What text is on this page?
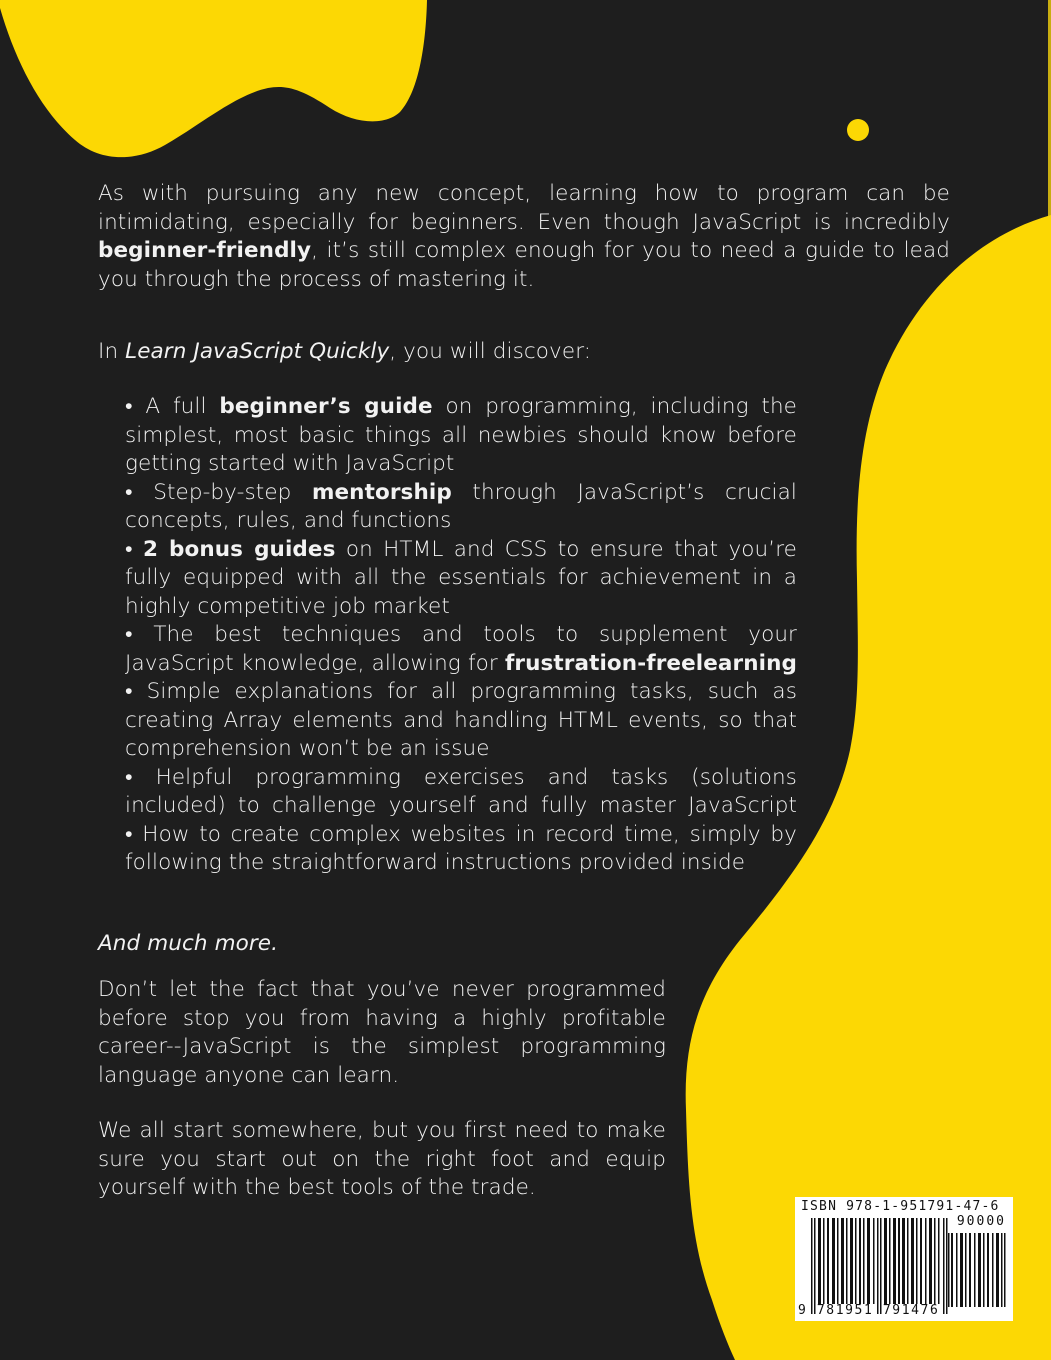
As with pursuing any new concept, learning how to program can be intimidating, especially for beginners. Even though JavaScript is incredibly beginner-friendly, it’s still complex enough for you to need a guide to lead you through the process of mastering it.

In Learn JavaScript Quickly, you will discover:

• A full beginner’s guide on programming, including the simplest, most basic things all newbies should know before getting started with JavaScript

• Step-by-step mentorship through JavaScript’s crucial concepts, rules, and functions

• 2 bonus guides on HTML and CSS to ensure that you’re fully equipped with all the essentials for achievement in a highly competitive job market

• The best techniques and tools to supplement your JavaScript knowledge, allowing for frustration-freelearning

• Simple explanations for all programming tasks, such as creating Array elements and handling HTML events, so that comprehension won’t be an issue

• Helpful programming exercises and tasks (solutions included) to challenge yourself and fully master JavaScript

• How to create complex websites in record time, simply by following the straightforward instructions provided inside

And much more.

Don’t let the fact that you’ve never programmed before stop you from having a highly profitable career--JavaScript is the simplest programming language anyone can learn.

We all start somewhere, but you first need to make sure you start out on the right foot and equip yourself with the best tools of the trade.

ISBN 978-1-951791-47-6
90000
9 781951 791476
